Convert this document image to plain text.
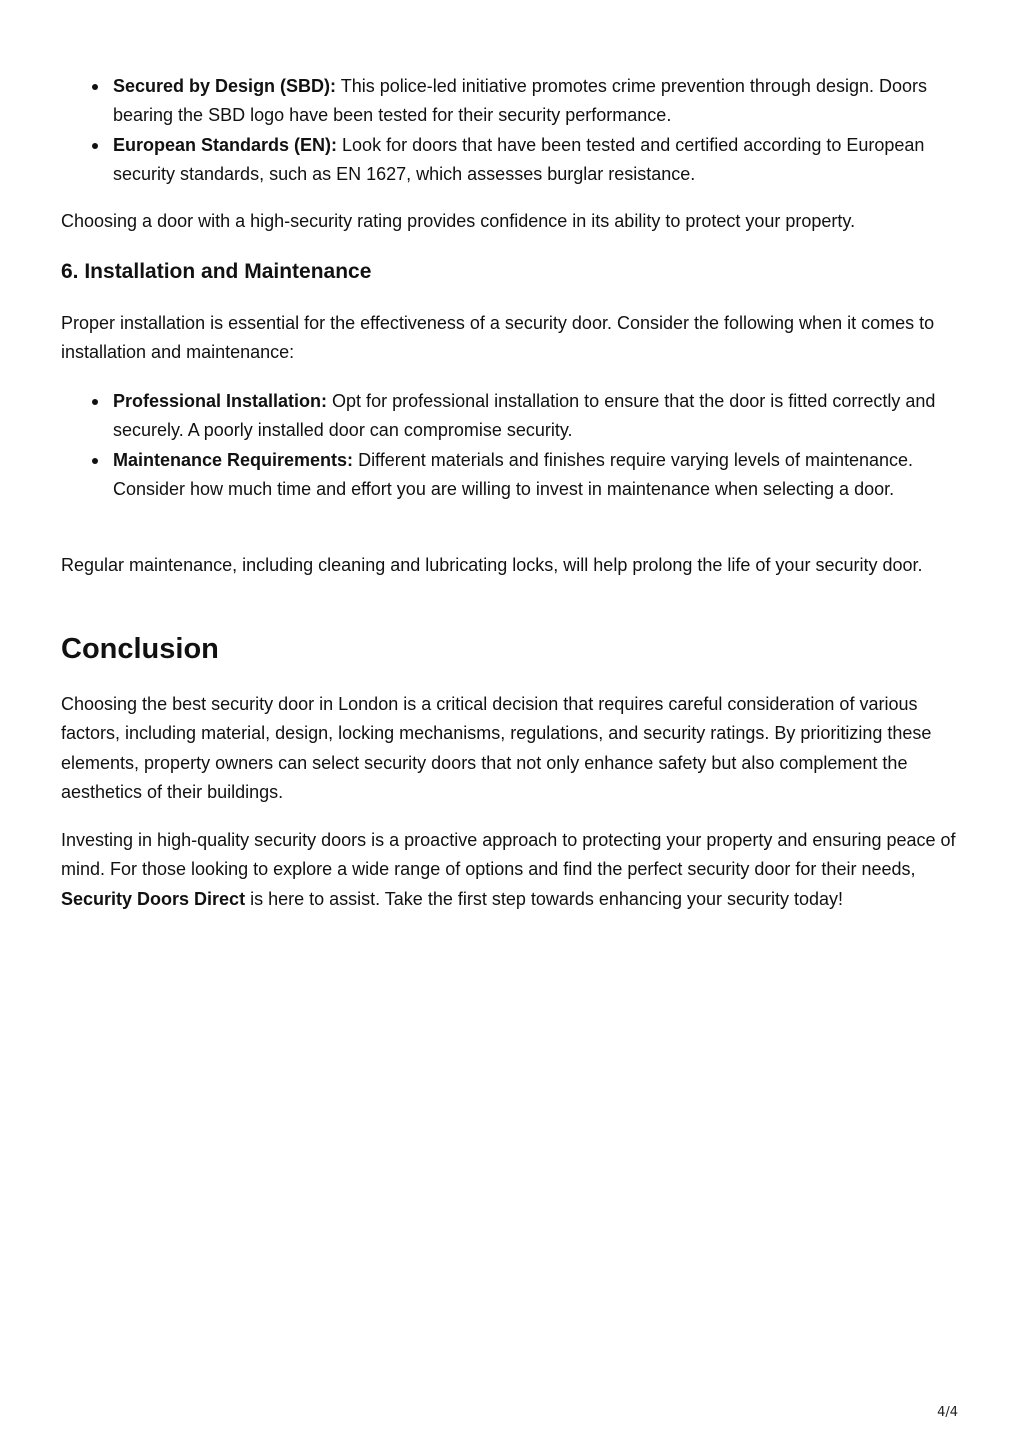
Secured by Design (SBD): This police-led initiative promotes crime prevention through design. Doors bearing the SBD logo have been tested for their security performance.
European Standards (EN): Look for doors that have been tested and certified according to European security standards, such as EN 1627, which assesses burglar resistance.

Choosing a door with a high-security rating provides confidence in its ability to protect your property.

6. Installation and Maintenance

Proper installation is essential for the effectiveness of a security door. Consider the following when it comes to installation and maintenance:

Professional Installation: Opt for professional installation to ensure that the door is fitted correctly and securely. A poorly installed door can compromise security.
Maintenance Requirements: Different materials and finishes require varying levels of maintenance. Consider how much time and effort you are willing to invest in maintenance when selecting a door.

Regular maintenance, including cleaning and lubricating locks, will help prolong the life of your security door.

Conclusion

Choosing the best security door in London is a critical decision that requires careful consideration of various factors, including material, design, locking mechanisms, regulations, and security ratings. By prioritizing these elements, property owners can select security doors that not only enhance safety but also complement the aesthetics of their buildings.

Investing in high-quality security doors is a proactive approach to protecting your property and ensuring peace of mind. For those looking to explore a wide range of options and find the perfect security door for their needs, Security Doors Direct is here to assist. Take the first step towards enhancing your security today!

4/4
